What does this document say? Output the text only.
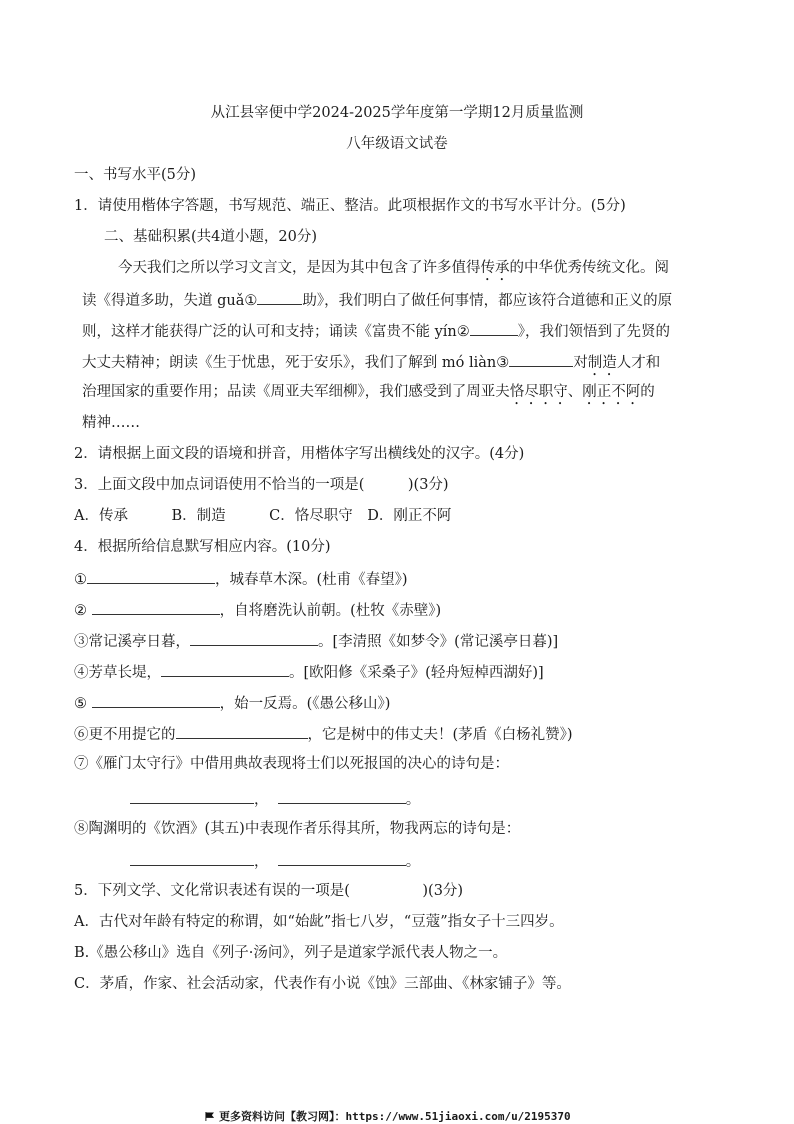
从江县宰便中学2024-2025学年度第一学期12月质量监测
八年级语文试卷
一、书写水平(5分)
1．请使用楷体字答题，书写规范、端正、整洁。此项根据作文的书写水平计分。(5分)
二、基础积累(共4道小题，20分)
今天我们之所以学习文言文，是因为其中包含了许多值得传承的中华优秀传统文化。阅
读《得道多助，失道 guǎ①	助》，我们明白了做任何事情，都应该符合道德和正义的原
则，这样才能获得广泛的认可和支持；诵读《富贵不能 yín②	》，我们领悟到了先贤的
大丈夫精神；朗读《生于忧患，死于安乐》，我们了解到 mó liàn③	对制造人才和
治理国家的重要作用；品读《周亚夫军细柳》，我们感受到了周亚夫恪尽职守、刚正不阿的
精神……
2．请根据上面文段的语境和拼音，用楷体字写出横线处的汉字。(4分)
3．上面文段中加点词语使用不恰当的一项是(　　　)(3分)
A．传承　　　B．制造　　　C．恪尽职守　D．刚正不阿
4．根据所给信息默写相应内容。(10分)
①	，城春草木深。(杜甫《春望》)
②	，自将磨洗认前朝。(杜牧《赤壁》)
③常记溪亭日暮，	。[李清照《如梦令》(常记溪亭日暮)]
④芳草长堤，	。[欧阳修《采桑子》(轻舟短棹西湖好)]
⑤	，始一反焉。(《愚公移山》)
⑥更不用提它的	，它是树中的伟丈夫！(茅盾《白杨礼赞》)
⑦《雁门太守行》中借用典故表现将士们以死报国的决心的诗句是：
，	。
⑧陶渊明的《饮酒》(其五)中表现作者乐得其所，物我两忘的诗句是：
，	。
5．下列文学、文化常识表述有误的一项是(　　　　　)(3分)
A．古代对年龄有特定的称谓，如“始龀”指七八岁，“豆蔻”指女子十三四岁。
B.《愚公移山》选自《列子·汤问》，列子是道家学派代表人物之一。
C．茅盾，作家、社会活动家，代表作有小说《蚀》三部曲、《林家铺子》等。
更多资料访问【教习网】：https://www.51jiaoxi.com/u/2195370
